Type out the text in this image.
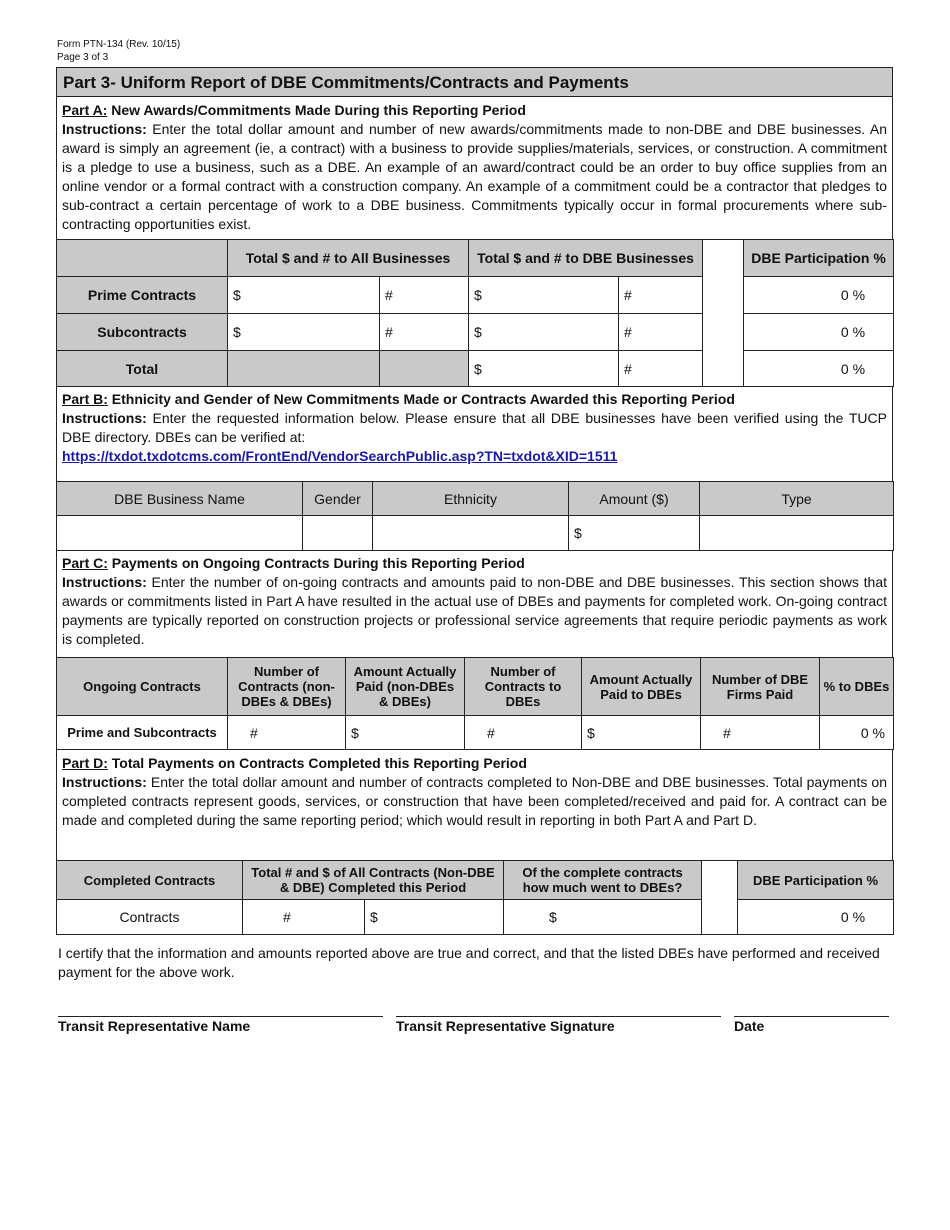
Form PTN-134 (Rev. 10/15)
Page 3 of 3
Part 3- Uniform Report of DBE Commitments/Contracts and Payments
Part A: New Awards/Commitments Made During this Reporting Period
Instructions: Enter the total dollar amount and number of new awards/commitments made to non-DBE and DBE businesses. An award is simply an agreement (ie, a contract) with a business to provide supplies/materials, services, or construction. A commitment is a pledge to use a business, such as a DBE. An example of an award/contract could be an order to buy office supplies from an online vendor or a formal contract with a construction company. An example of a commitment could be a contractor that pledges to sub-contract a certain percentage of work to a DBE business. Commitments typically occur in formal procurements where sub-contracting opportunities exist.
	Total $ and # to All Businesses		Total $ and # to DBE Businesses			DBE Participation %
Prime Contracts	$	#	$	#		0 %
Subcontracts	$	#	$	#		0 %
Total			$	#		0 %
Part B: Ethnicity and Gender of New Commitments Made or Contracts Awarded this Reporting Period
Instructions: Enter the requested information below. Please ensure that all DBE businesses have been verified using the TUCP DBE directory. DBEs can be verified at:
https://txdot.txdotcms.com/FrontEnd/VendorSearchPublic.asp?TN=txdot&XID=1511
DBE Business Name	Gender	Ethnicity	Amount ($)	Type
			$	
Part C: Payments on Ongoing Contracts During this Reporting Period
Instructions: Enter the number of on-going contracts and amounts paid to non-DBE and DBE businesses. This section shows that awards or commitments listed in Part A have resulted in the actual use of DBEs and payments for completed work. On-going contract payments are typically reported on construction projects or professional service agreements that require periodic payments as work is completed.
Ongoing Contracts	Number of Contracts (non-DBEs & DBEs)	Amount Actually Paid (non-DBEs & DBEs)	Number of Contracts to DBEs	Amount Actually Paid to DBEs	Number of DBE Firms Paid	% to DBEs
Prime and Subcontracts	#	$	#	$	#	0 %
Part D: Total Payments on Contracts Completed this Reporting Period
Instructions: Enter the total dollar amount and number of contracts completed to Non-DBE and DBE businesses. Total payments on completed contracts represent goods, services, or construction that have been completed/received and paid for. A contract can be made and completed during the same reporting period; which would result in reporting in both Part A and Part D.
Completed Contracts	Total # and $ of All Contracts (Non-DBE & DBE) Completed this Period		Of the complete contracts how much went to DBEs?		DBE Participation %
Contracts	#	$	$		0 %
I certify that the information and amounts reported above are true and correct, and that the listed DBEs have performed and received payment for the above work.
Transit Representative Name	Transit Representative Signature	Date
